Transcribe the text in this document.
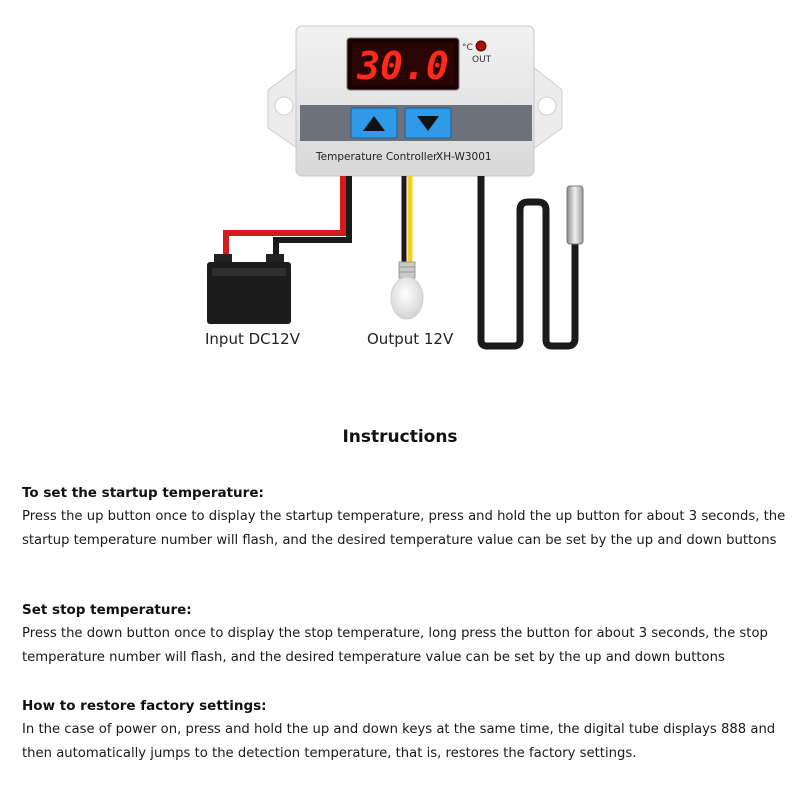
30.0 °C
OUT
Temperature Controller
XH-W3001
Input DC12V	Output 12V
Instructions
To set the startup temperature:

Press the up button once to display the startup temperature, press and hold the up button for about 3 seconds, the startup temperature number will flash, and the desired temperature value can be set by the up and down buttons

Set stop temperature:

Press the down button once to display the stop temperature, long press the button for about 3 seconds, the stop temperature number will flash, and the desired temperature value can be set by the up and down buttons

How to restore factory settings:

In the case of power on, press and hold the up and down keys at the same time, the digital tube displays 888 and then automatically jumps to the detection temperature, that is, restores the factory settings.
